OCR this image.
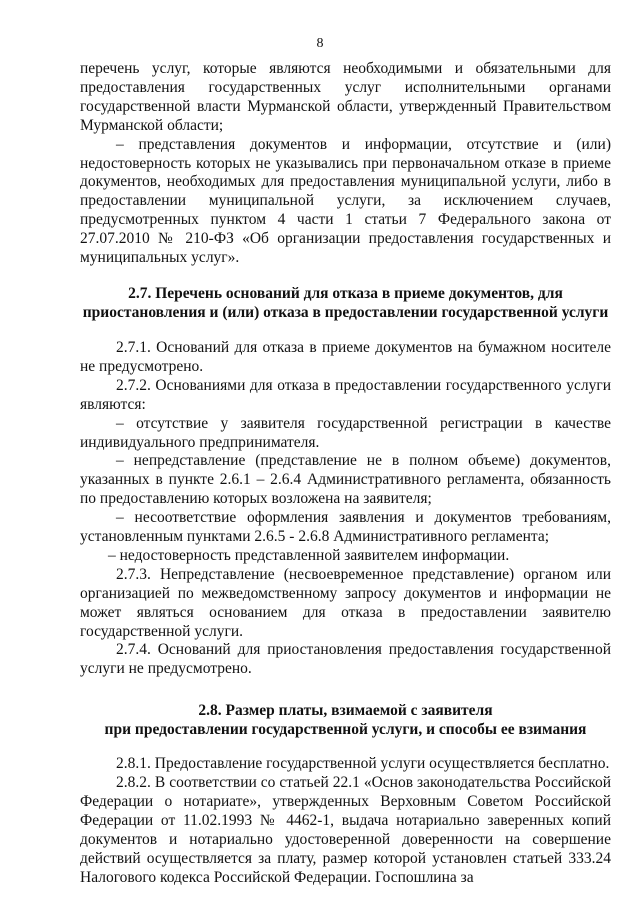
8

перечень услуг, которые являются необходимыми и обязательными для предоставления государственных услуг исполнительными органами государственной власти Мурманской области, утвержденный Правительством Мурманской области;

– представления документов и информации, отсутствие и (или) недостоверность которых не указывались при первоначальном отказе в приеме документов, необходимых для предоставления муниципальной услуги, либо в предоставлении муниципальной услуги, за исключением случаев, предусмотренных пунктом 4 части 1 статьи 7 Федерального закона от 27.07.2010 № 210-ФЗ «Об организации предоставления государственных и муниципальных услуг».

2.7. Перечень оснований для отказа в приеме документов, для приостановления и (или) отказа в предоставлении государственной услуги

2.7.1. Оснований для отказа в приеме документов на бумажном носителе не предусмотрено.

2.7.2. Основаниями для отказа в предоставлении государственного услуги являются:

– отсутствие у заявителя государственной регистрации в качестве индивидуального предпринимателя.

– непредставление (представление не в полном объеме) документов, указанных в пункте 2.6.1 – 2.6.4 Административного регламента, обязанность по предоставлению которых возложена на заявителя;

– несоответствие оформления заявления и документов требованиям, установленным пунктами 2.6.5 - 2.6.8 Административного регламента;

– недостоверность представленной заявителем информации.

2.7.3. Непредставление (несвоевременное представление) органом или организацией по межведомственному запросу документов и информации не может являться основанием для отказа в предоставлении заявителю государственной услуги.

2.7.4. Оснований для приостановления предоставления государственной услуги не предусмотрено.

2.8. Размер платы, взимаемой с заявителя
при предоставлении государственной услуги, и способы ее взимания

2.8.1. Предоставление государственной услуги осуществляется бесплатно.

2.8.2. В соответствии со статьей 22.1 «Основ законодательства Российской Федерации о нотариате», утвержденных Верховным Советом Российской Федерации от 11.02.1993 № 4462-1, выдача нотариально заверенных копий документов и нотариально удостоверенной доверенности на совершение действий осуществляется за плату, размер которой установлен статьей 333.24 Налогового кодекса Российской Федерации. Госпошлина за
